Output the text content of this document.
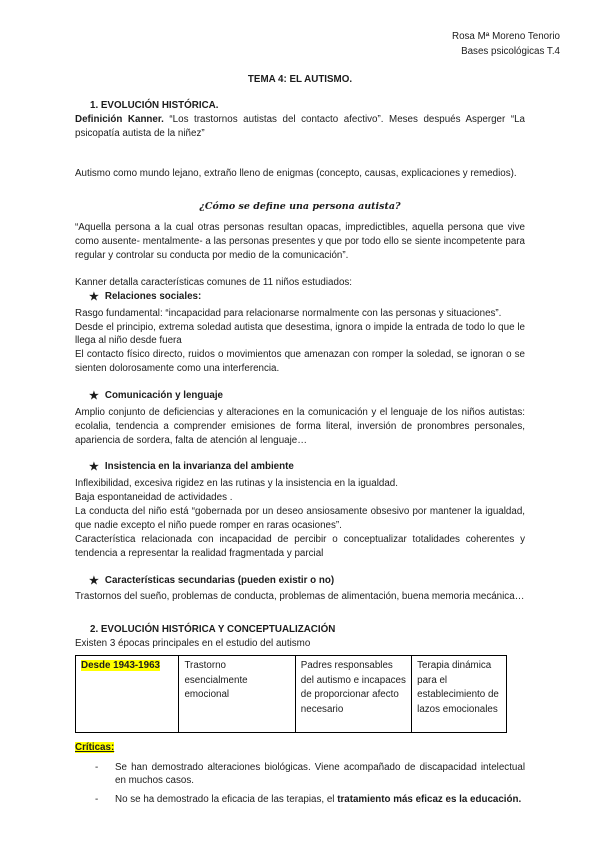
Rosa Mª Moreno Tenorio
Bases psicológicas T.4
TEMA 4: EL AUTISMO.
1. EVOLUCIÓN HISTÓRICA.

Definición Kanner. “Los trastornos autistas del contacto afectivo”. Meses después Asperger “La psicopatía autista de la niñez”

Autismo como mundo lejano, extraño lleno de enigmas (concepto, causas, explicaciones y remedios).

¿Cómo se define una persona autista?

“Aquella persona a la cual otras personas resultan opacas, impredictibles, aquella persona que vive como ausente- mentalmente- a las personas presentes y que por todo ello se siente incompetente para regular y controlar su conducta por medio de la comunicación”.

Kanner detalla características comunes de 11 niños estudiados:

★ Relaciones sociales:

Rasgo fundamental: “incapacidad para relacionarse normalmente con las personas y situaciones”.

Desde el principio, extrema soledad autista que desestima, ignora o impide la entrada de todo lo que le llega al niño desde fuera

El contacto físico directo, ruidos o movimientos que amenazan con romper la soledad, se ignoran o se sienten dolorosamente como una interferencia.

★ Comunicación y lenguaje

Amplio conjunto de deficiencias y alteraciones en la comunicación y el lenguaje de los niños autistas: ecolalia, tendencia a comprender emisiones de forma literal, inversión de pronombres personales, apariencia de sordera, falta de atención al lenguaje…

★ Insistencia en la invarianza del ambiente

Inflexibilidad, excesiva rigidez en las rutinas y la insistencia en la igualdad.

Baja espontaneidad de actividades .

La conducta del niño está “gobernada por un deseo ansiosamente obsesivo por mantener la igualdad, que nadie excepto el niño puede romper en raras ocasiones”.

Característica relacionada con incapacidad de percibir o conceptualizar totalidades coherentes y tendencia a representar la realidad fragmentada y parcial

★ Características secundarias (pueden existir o no)

Trastornos del sueño, problemas de conducta, problemas de alimentación, buena memoria mecánica…

2. EVOLUCIÓN HISTÓRICA Y CONCEPTUALIZACIÓN

Existen 3 épocas principales en el estudio del autismo

Desde 1943-1963	Trastorno esencialmente emocional	Padres responsables del autismo e incapaces de proporcionar afecto necesario	Terapia dinámica para el establecimiento de lazos emocionales
Críticas:
-	Se han demostrado alteraciones biológicas. Viene acompañado de discapacidad intelectual en muchos casos.
-	No se ha demostrado la eficacia de las terapias, el tratamiento más eficaz es la educación.
